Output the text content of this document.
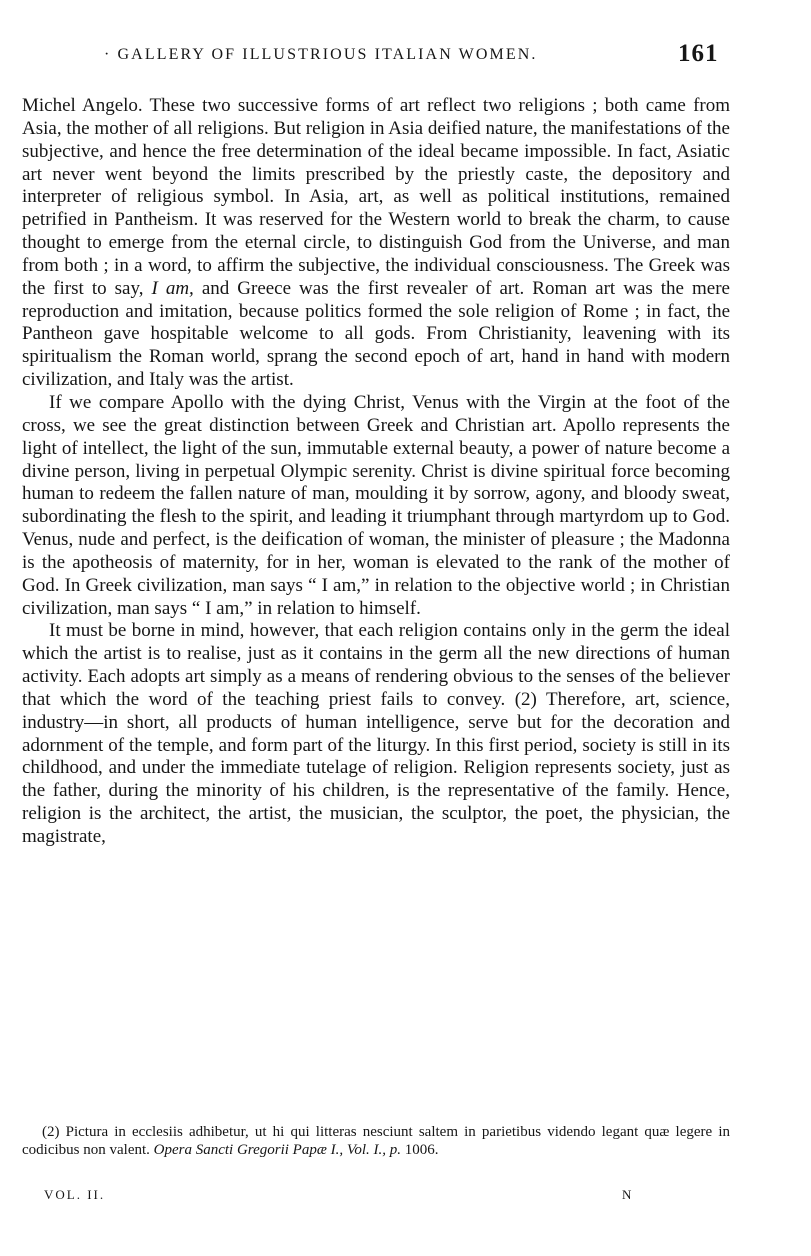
· GALLERY OF ILLUSTRIOUS ITALIAN WOMEN.	161

Michel Angelo. These two successive forms of art reflect two religions ; both came from Asia, the mother of all religions. But religion in Asia deified nature, the manifestations of the subjective, and hence the free determination of the ideal became impossible. In fact, Asiatic art never went beyond the limits prescribed by the priestly caste, the depository and interpreter of religious symbol. In Asia, art, as well as political institutions, remained petrified in Pantheism. It was reserved for the Western world to break the charm, to cause thought to emerge from the eternal circle, to distinguish God from the Universe, and man from both ; in a word, to affirm the subjective, the individual consciousness. The Greek was the first to say, I am, and Greece was the first revealer of art. Roman art was the mere reproduction and imitation, because politics formed the sole religion of Rome ; in fact, the Pantheon gave hospitable welcome to all gods. From Christianity, leavening with its spiritualism the Roman world, sprang the second epoch of art, hand in hand with modern civilization, and Italy was the artist.

If we compare Apollo with the dying Christ, Venus with the Virgin at the foot of the cross, we see the great distinction between Greek and Christian art. Apollo represents the light of intellect, the light of the sun, immutable external beauty, a power of nature become a divine person, living in perpetual Olympic serenity. Christ is divine spiritual force becoming human to redeem the fallen nature of man, moulding it by sorrow, agony, and bloody sweat, subordinating the flesh to the spirit, and leading it triumphant through martyrdom up to God. Venus, nude and perfect, is the deification of woman, the minister of pleasure ; the Madonna is the apotheosis of maternity, for in her, woman is elevated to the rank of the mother of God. In Greek civilization, man says “ I am,” in relation to the objective world ; in Christian civilization, man says “ I am,” in relation to himself.

It must be borne in mind, however, that each religion contains only in the germ the ideal which the artist is to realise, just as it contains in the germ all the new directions of human activity. Each adopts art simply as a means of rendering obvious to the senses of the believer that which the word of the teaching priest fails to convey. (2) Therefore, art, science, industry—in short, all products of human intelligence, serve but for the decoration and adornment of the temple, and form part of the liturgy. In this first period, society is still in its childhood, and under the immediate tutelage of religion. Religion represents society, just as the father, during the minority of his children, is the representative of the family. Hence, religion is the architect, the artist, the musician, the sculptor, the poet, the physician, the magistrate,

(2) Pictura in ecclesiis adhibetur, ut hi qui litteras nesciunt saltem in parietibus videndo legant quæ legere in codicibus non valent. Opera Sancti Gregorii Papæ I., Vol. I., p. 1006.
VOL. II.	N
